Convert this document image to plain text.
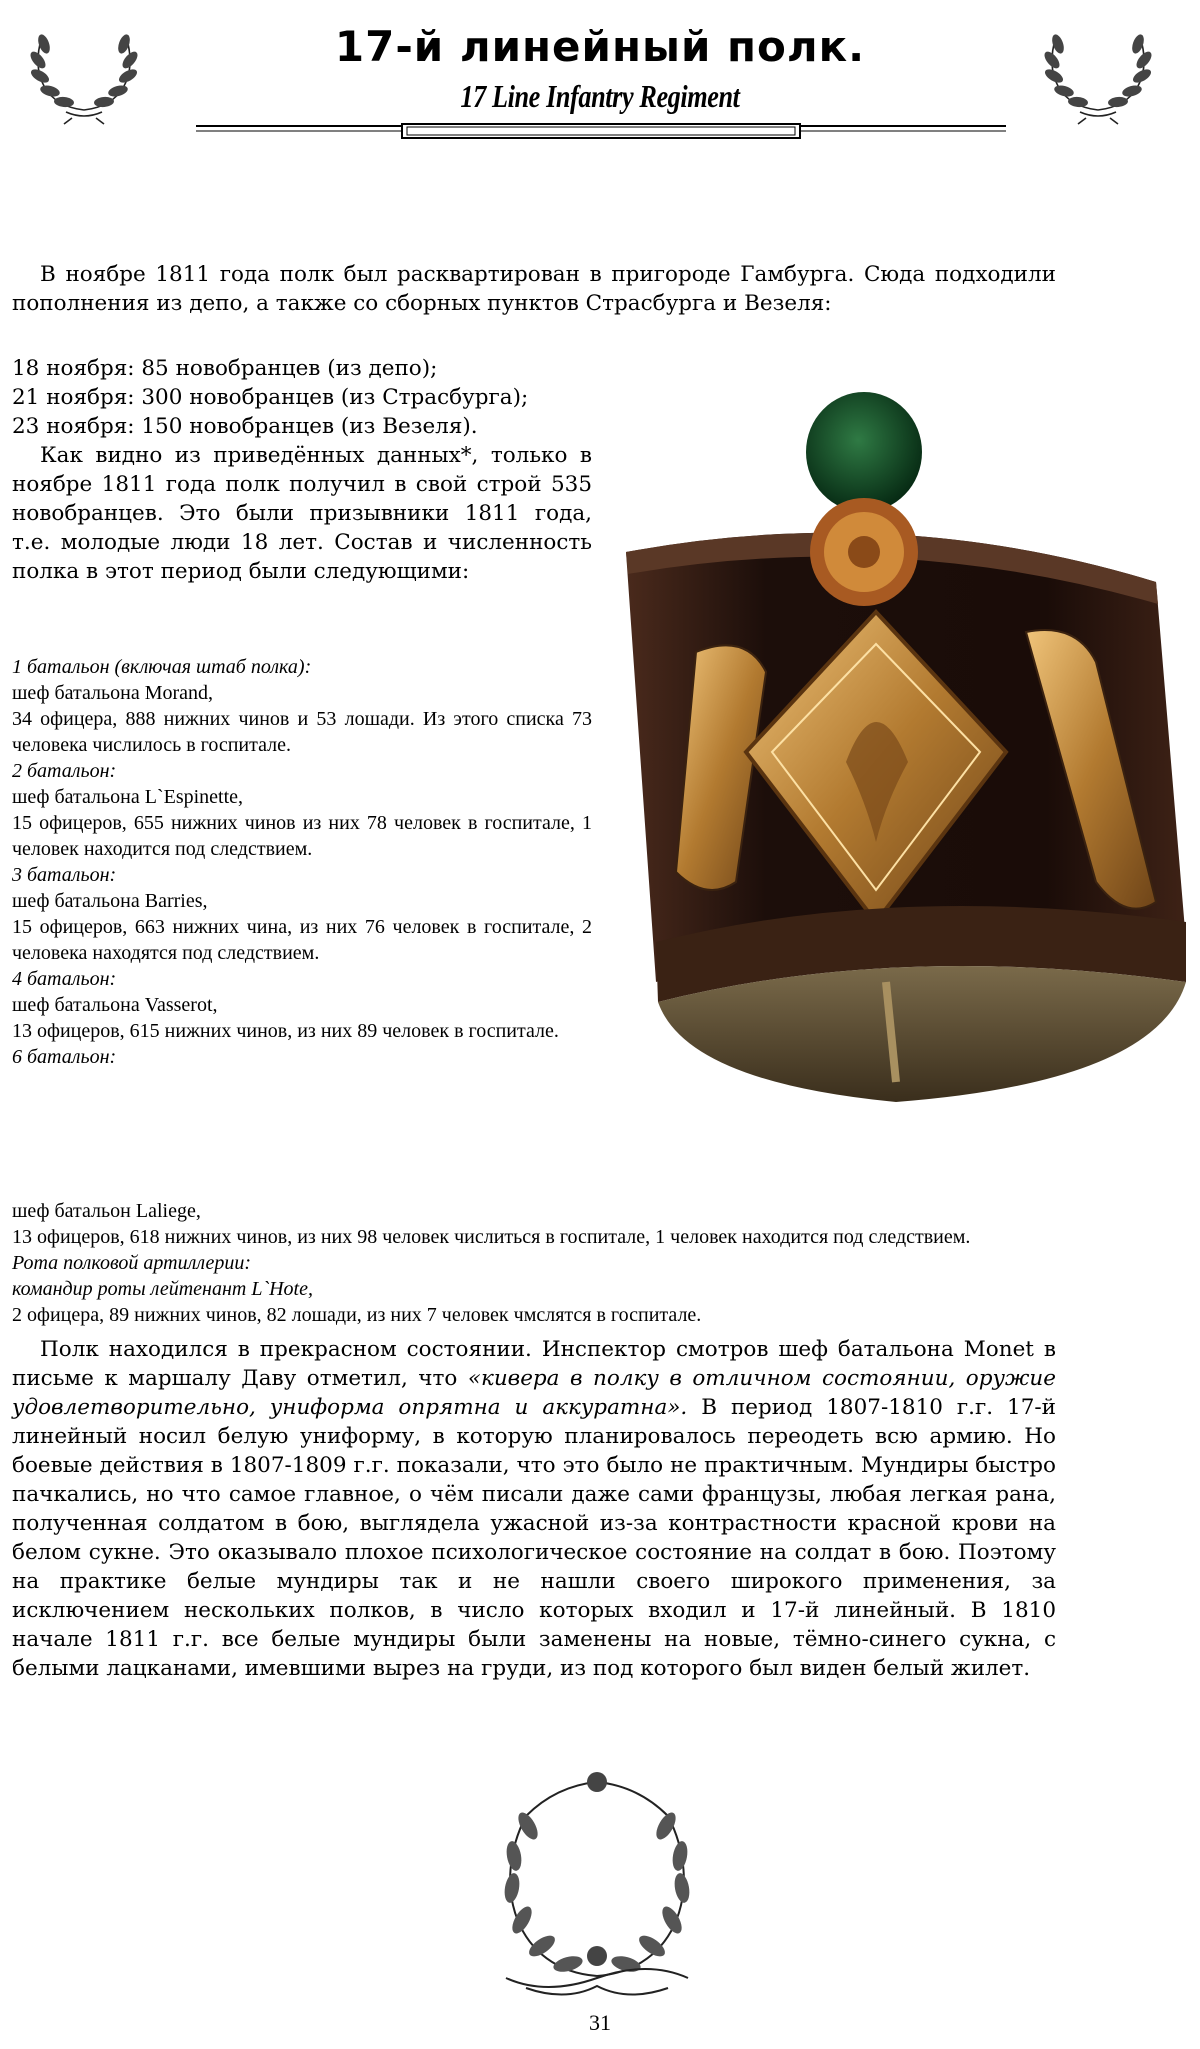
17-й линейный полк.
17 Line Infantry Regiment

В ноябре 1811 года полк был расквартирован в пригороде Гамбурга. Сюда подходили пополнения из депо, а также со сборных пунктов Страсбурга и Везеля:

18 ноября: 85 новобранцев (из депо);

21 ноября: 300 новобранцев (из Страсбурга);

23 ноября: 150 новобранцев (из Везеля).

Как видно из приведённых данных*, только в ноябре 1811 года полк получил в свой строй 535 новобранцев. Это были призывники 1811 года, т.е. молодые люди 18 лет. Состав и численность полка в этот период были следующими:

1 батальон (включая штаб полка):

шеф батальона Morand,

34 офицера, 888 нижних чинов и 53 лошади. Из этого списка 73 человека числилось в госпитале.

2 батальон:

шеф батальона L`Espinette,

15 офицеров, 655 нижних чинов из них 78 человек в госпитале, 1 человек находится под следствием.

3 батальон:

шеф батальона Barries,

15 офицеров, 663 нижних чина, из них 76 человек в госпитале, 2 человека находятся под следствием.

4 батальон:

шеф батальона Vasserot,

13 офицеров, 615 нижних чинов, из них 89 человек в госпитале.

6 батальон:

шеф батальон Laliege,

13 офицеров, 618 нижних чинов, из них 98 человек числиться в госпитале, 1 человек находится под следствием.

Рота полковой артиллерии:

командир роты лейтенант L`Hote,

2 офицера, 89 нижних чинов, 82 лошади, из них 7 человек чмслятся в госпитале.

Полк находился в прекрасном состоянии. Инспектор смотров шеф батальона Monet в письме к маршалу Даву отметил, что «кивера в полку в отличном состоянии, оружие удовлетворительно, униформа опрятна и аккуратна». В период 1807-1810 г.г. 17-й линейный носил белую униформу, в которую планировалось переодеть всю армию. Но боевые действия в 1807-1809 г.г. показали, что это было не практичным. Мундиры быстро пачкались, но что самое главное, о чём писали даже сами французы, любая легкая рана, полученная солдатом в бою, выглядела ужасной из-за контрастности красной крови на белом сукне. Это оказывало плохое психологическое состояние на солдат в бою. Поэтому на практике белые мундиры так и не нашли своего широкого применения, за исключением нескольких полков, в число которых входил и 17-й линейный. В 1810 начале 1811 г.г. все белые мундиры были заменены на новые, тёмно-синего сукна, с белыми лацканами, имевшими вырез на груди, из под которого был виден белый жилет.

31
